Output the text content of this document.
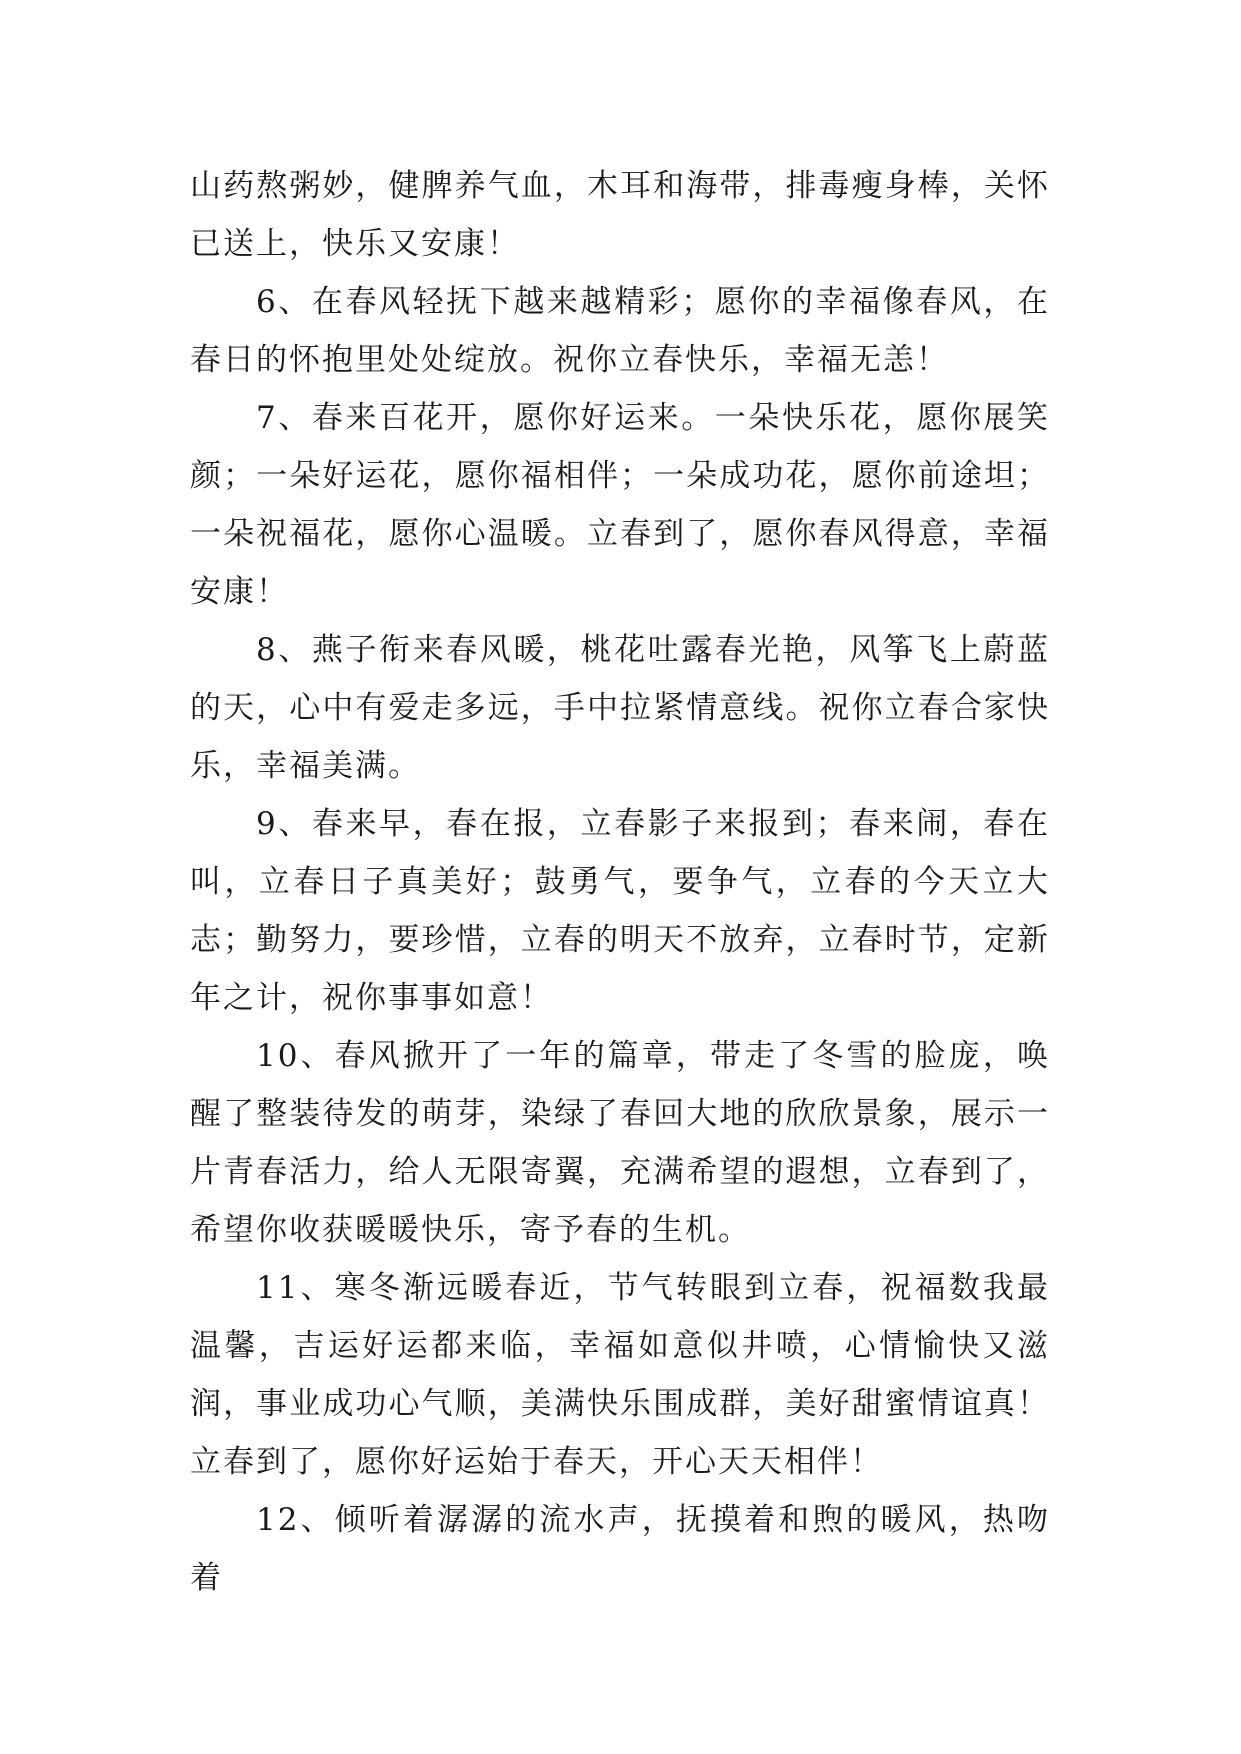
山药熬粥妙，健脾养气血，木耳和海带，排毒瘦身棒，关怀已送上，快乐又安康！

6、在春风轻抚下越来越精彩；愿你的幸福像春风，在春日的怀抱里处处绽放。祝你立春快乐，幸福无恙！

7、春来百花开，愿你好运来。一朵快乐花，愿你展笑颜；一朵好运花，愿你福相伴；一朵成功花，愿你前途坦；一朵祝福花，愿你心温暖。立春到了，愿你春风得意，幸福安康！

8、燕子衔来春风暖，桃花吐露春光艳，风筝飞上蔚蓝的天，心中有爱走多远，手中拉紧情意线。祝你立春合家快乐，幸福美满。

9、春来早，春在报，立春影子来报到；春来闹，春在叫，立春日子真美好；鼓勇气，要争气，立春的今天立大志；勤努力，要珍惜，立春的明天不放弃，立春时节，定新年之计，祝你事事如意！

10、春风掀开了一年的篇章，带走了冬雪的脸庞，唤醒了整装待发的萌芽，染绿了春回大地的欣欣景象，展示一片青春活力，给人无限寄翼，充满希望的遐想，立春到了，希望你收获暖暖快乐，寄予春的生机。

11、寒冬渐远暖春近，节气转眼到立春，祝福数我最温馨，吉运好运都来临，幸福如意似井喷，心情愉快又滋润，事业成功心气顺，美满快乐围成群，美好甜蜜情谊真！立春到了，愿你好运始于春天，开心天天相伴！

12、倾听着潺潺的流水声，抚摸着和煦的暖风，热吻着
